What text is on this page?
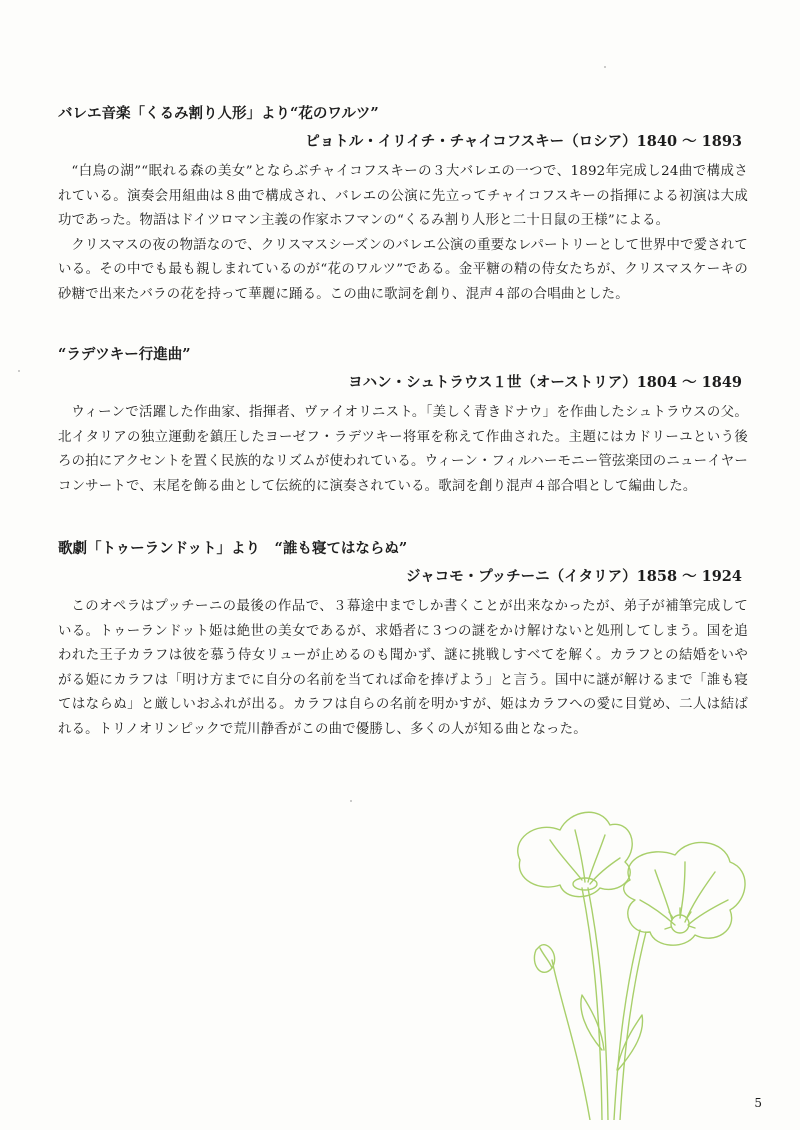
バレエ音楽「くるみ割り人形」より“花のワルツ”
ピョトル・イリイチ・チャイコフスキー（ロシア）1840 ～ 1893

“白鳥の湖”“眠れる森の美女”とならぶチャイコフスキーの３大バレエの一つで、1892年完成し24曲で構成されている。演奏会用組曲は８曲で構成され、バレエの公演に先立ってチャイコフスキーの指揮による初演は大成功であった。物語はドイツロマン主義の作家ホフマンの“くるみ割り人形と二十日鼠の王様”による。

クリスマスの夜の物語なので、クリスマスシーズンのバレエ公演の重要なレパートリーとして世界中で愛されている。その中でも最も親しまれているのが“花のワルツ”である。金平糖の精の侍女たちが、クリスマスケーキの砂糖で出来たバラの花を持って華麗に踊る。この曲に歌詞を創り、混声４部の合唱曲とした。

“ラデツキー行進曲”
ヨハン・シュトラウス１世（オーストリア）1804 ～ 1849

ウィーンで活躍した作曲家、指揮者、ヴァイオリニスト。「美しく青きドナウ」を作曲したシュトラウスの父。北イタリアの独立運動を鎮圧したヨーゼフ・ラデツキー将軍を称えて作曲された。主題にはカドリーユという後ろの拍にアクセントを置く民族的なリズムが使われている。ウィーン・フィルハーモニー管弦楽団のニューイヤーコンサートで、末尾を飾る曲として伝統的に演奏されている。歌詞を創り混声４部合唱として編曲した。

歌劇「トゥーランドット」より　“誰も寝てはならぬ”
ジャコモ・プッチーニ（イタリア）1858 ～ 1924

このオペラはプッチーニの最後の作品で、３幕途中までしか書くことが出来なかったが、弟子が補筆完成している。トゥーランドット姫は絶世の美女であるが、求婚者に３つの謎をかけ解けないと処刑してしまう。国を追われた王子カラフは彼を慕う侍女リューが止めるのも聞かず、謎に挑戦しすべてを解く。カラフとの結婚をいやがる姫にカラフは「明け方までに自分の名前を当てれば命を捧げよう」と言う。国中に謎が解けるまで「誰も寝てはならぬ」と厳しいおふれが出る。カラフは自らの名前を明かすが、姫はカラフへの愛に目覚め、二人は結ばれる。トリノオリンピックで荒川静香がこの曲で優勝し、多くの人が知る曲となった。

5
